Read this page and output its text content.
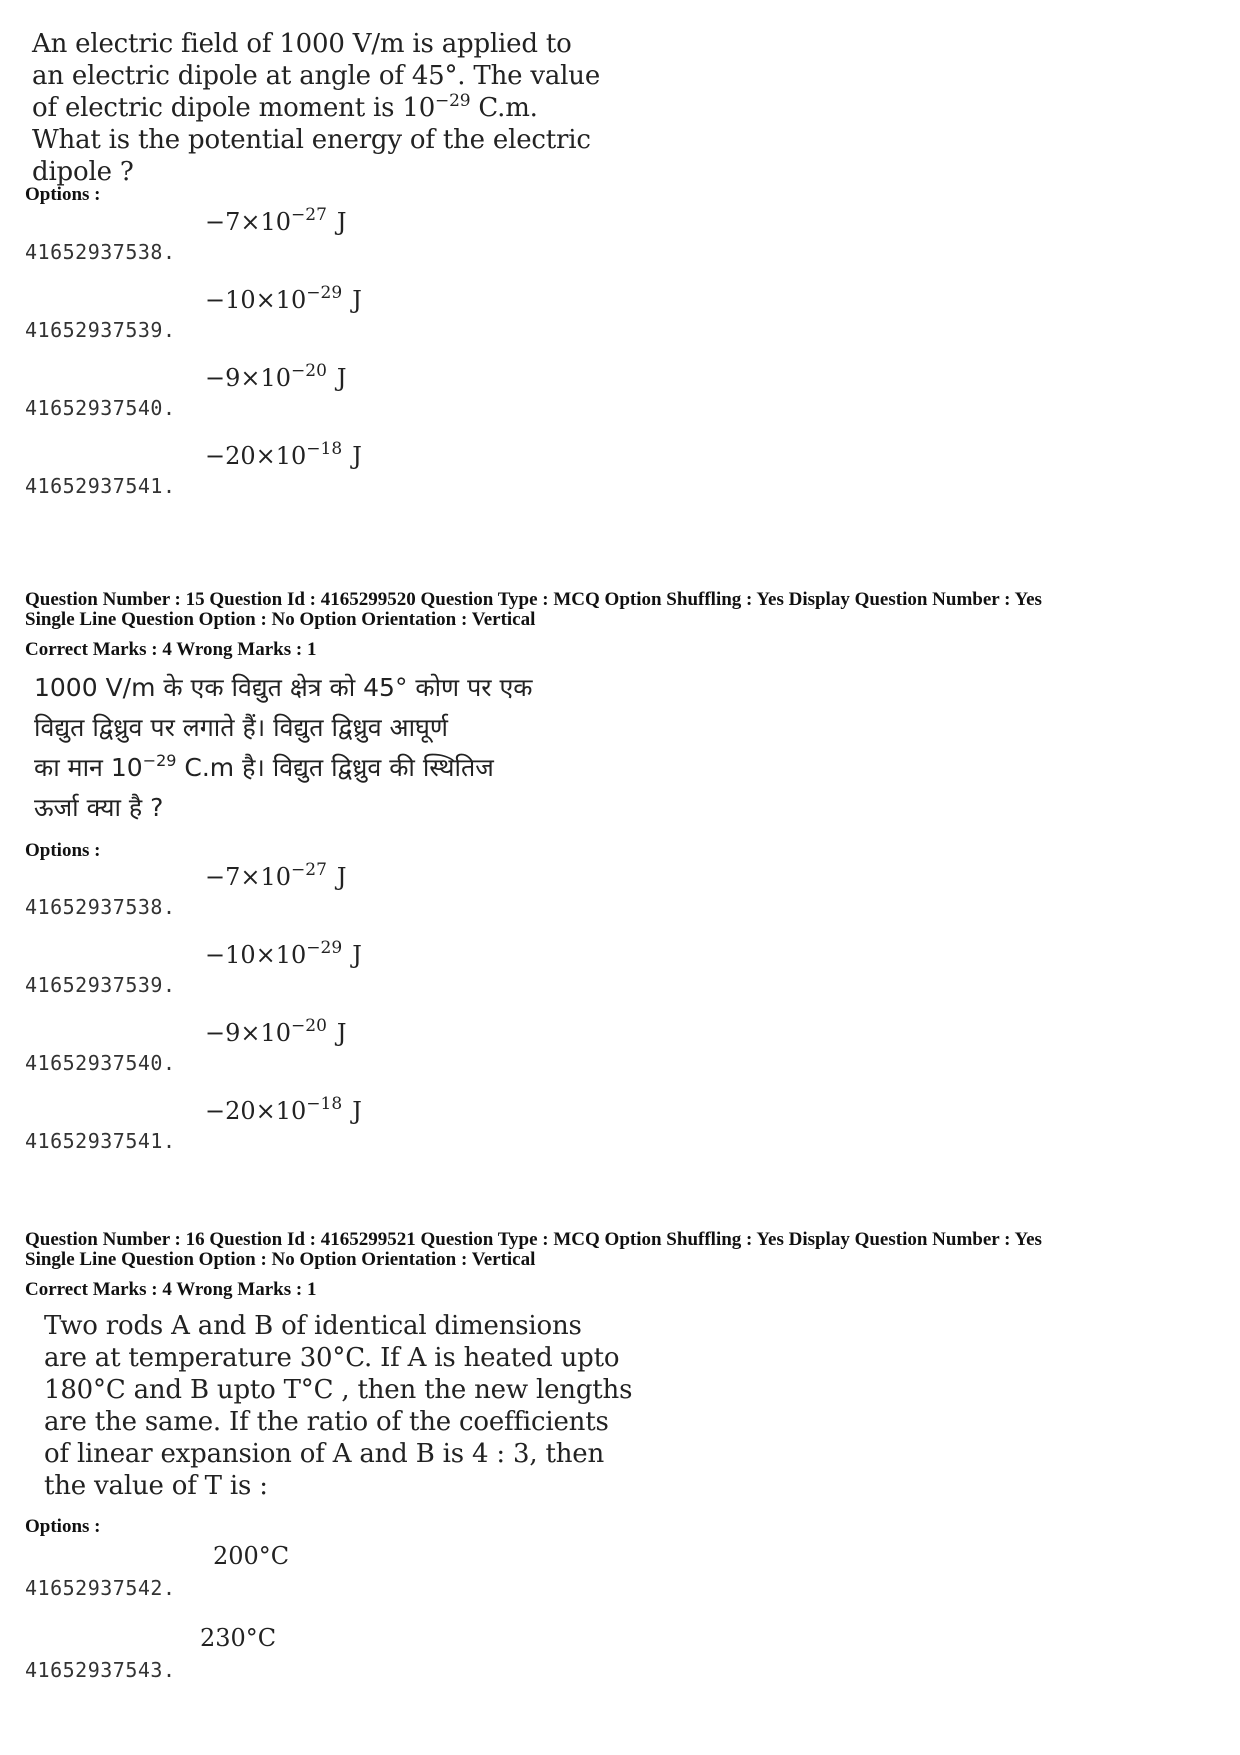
An electric field of 1000 V/m is applied to
an electric dipole at angle of 45°. The value
of electric dipole moment is $10^{-29}$ C.m.
What is the potential energy of the electric
dipole ?
Options :
41652937538.
$-7\times 10^{-27}$ J
41652937539.
$-10\times 10^{-29}$ J
41652937540.
$-9\times 10^{-20}$ J
41652937541.
$-20\times 10^{-18}$ J
Question Number : 15 Question Id : 4165299520 Question Type : MCQ Option Shuffling : Yes Display Question Number : Yes
Single Line Question Option : No Option Orientation : Vertical
Correct Marks : 4 Wrong Marks : 1
1000 V/m के एक विद्युत क्षेत्र को 45° कोण पर एक
विद्युत द्विध्रुव पर लगाते हैं। विद्युत द्विध्रुव आघूर्ण
का मान $10^{-29}$ C.m है। विद्युत द्विध्रुव की स्थितिज
ऊर्जा क्या है ?
Options :
41652937538.
$-7\times 10^{-27}$ J
41652937539.
$-10\times 10^{-29}$ J
41652937540.
$-9\times 10^{-20}$ J
41652937541.
$-20\times 10^{-18}$ J
Question Number : 16 Question Id : 4165299521 Question Type : MCQ Option Shuffling : Yes Display Question Number : Yes
Single Line Question Option : No Option Orientation : Vertical
Correct Marks : 4 Wrong Marks : 1
Two rods A and B of identical dimensions
are at temperature 30°C. If A is heated upto
180°C and B upto T°C , then the new lengths
are the same. If the ratio of the coefficients
of linear expansion of A and B is 4 : 3, then
the value of T is :
Options :
41652937542.
200°C
41652937543.
230°C
